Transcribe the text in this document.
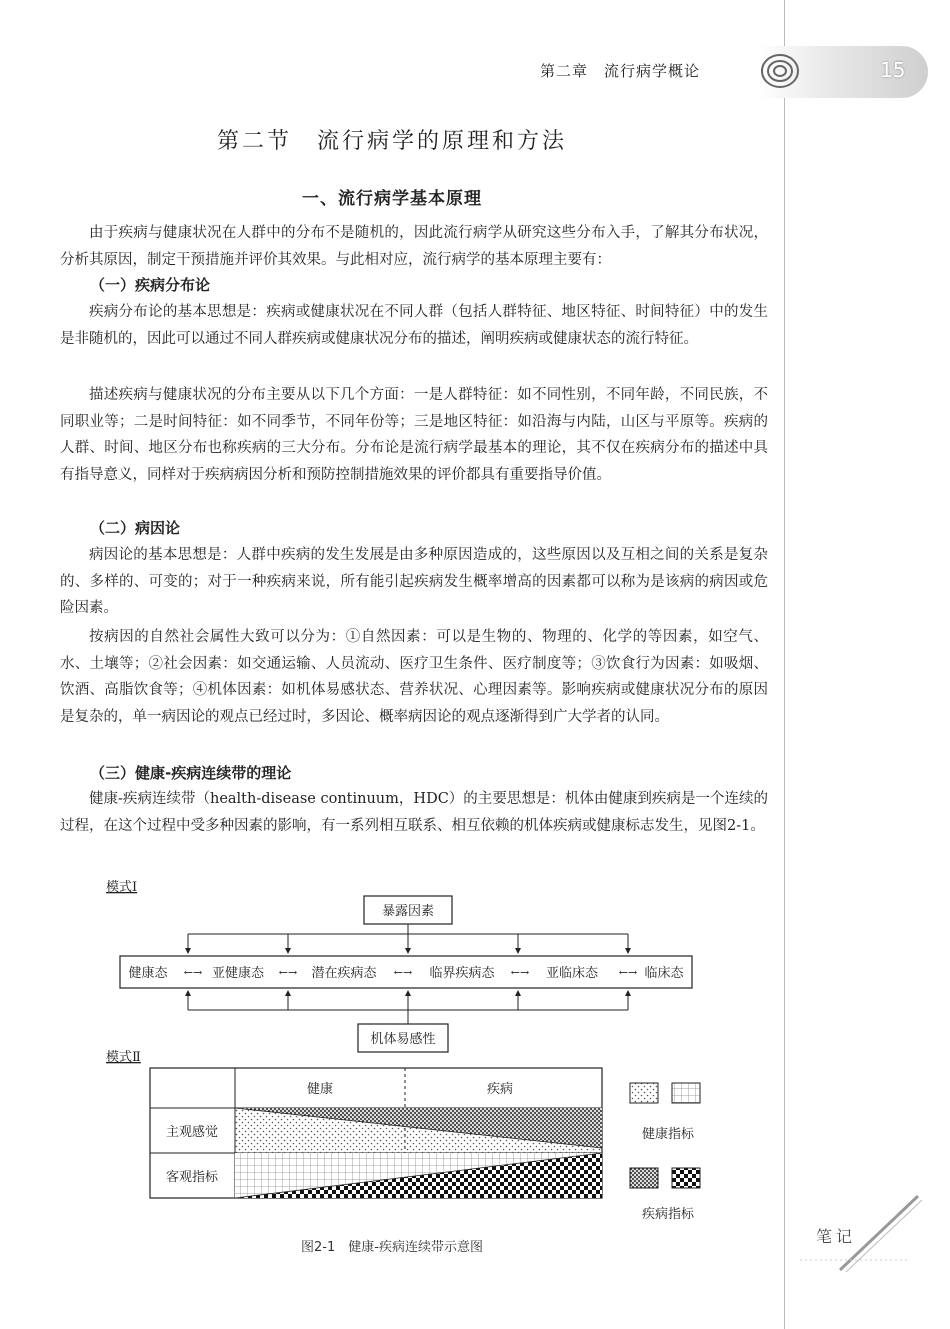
第二章　流行病学概论	15
第二节　流行病学的原理和方法
一、流行病学基本原理
由于疾病与健康状况在人群中的分布不是随机的，因此流行病学从研究这些分布入手，了解其分布状况，分析其原因，制定干预措施并评价其效果。与此相对应，流行病学的基本原理主要有：
（一）疾病分布论
疾病分布论的基本思想是：疾病或健康状况在不同人群（包括人群特征、地区特征、时间特征）中的发生是非随机的，因此可以通过不同人群疾病或健康状况分布的描述，阐明疾病或健康状态的流行特征。
描述疾病与健康状况的分布主要从以下几个方面：一是人群特征：如不同性别，不同年龄，不同民族，不同职业等；二是时间特征：如不同季节，不同年份等；三是地区特征：如沿海与内陆，山区与平原等。疾病的人群、时间、地区分布也称疾病的三大分布。分布论是流行病学最基本的理论，其不仅在疾病分布的描述中具有指导意义，同样对于疾病病因分析和预防控制措施效果的评价都具有重要指导价值。
（二）病因论
病因论的基本思想是：人群中疾病的发生发展是由多种原因造成的，这些原因以及互相之间的关系是复杂的、多样的、可变的；对于一种疾病来说，所有能引起疾病发生概率增高的因素都可以称为是该病的病因或危险因素。
按病因的自然社会属性大致可以分为：①自然因素：可以是生物的、物理的、化学的等因素，如空气、水、土壤等；②社会因素：如交通运输、人员流动、医疗卫生条件、医疗制度等；③饮食行为因素：如吸烟、饮酒、高脂饮食等；④机体因素：如机体易感状态、营养状况、心理因素等。影响疾病或健康状况分布的原因是复杂的，单一病因论的观点已经过时，多因论、概率病因论的观点逐渐得到广大学者的认同。
（三）健康-疾病连续带的理论
健康-疾病连续带（health-disease continuum，HDC）的主要思想是：机体由健康到疾病是一个连续的过程，在这个过程中受多种因素的影响，有一系列相互联系、相互依赖的机体疾病或健康标志发生，见图2-1。
模式Ⅰ
暴露因素
健康态	亚健康态	潜在疾病态	临界疾病态	亚临床态	临床态
←→	←→	←→	←→	←→
机体易感性
模式Ⅱ
健康	疾病
主观感觉
客观指标
健康指标
疾病指标
图2-1　健康-疾病连续带示意图
笔记
